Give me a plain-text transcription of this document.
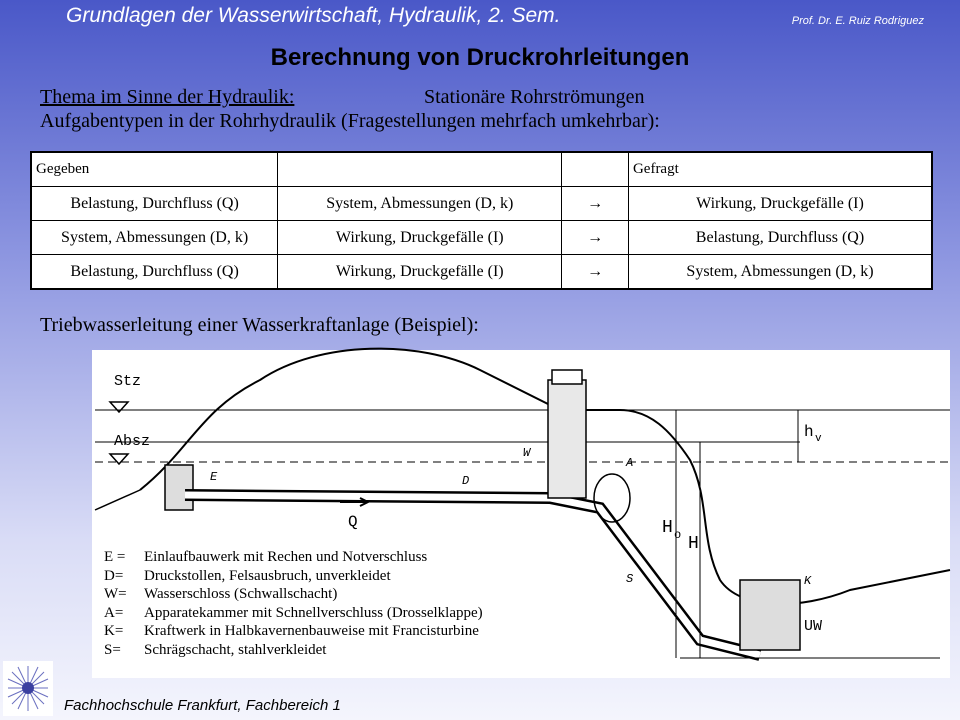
Grundlagen der Wasserwirtschaft, Hydraulik, 2. Sem.	Prof. Dr. E. Ruiz Rodriguez
Berechnung von Druckrohrleitungen
Thema im Sinne der Hydraulik:	Stationäre Rohrströmungen
Aufgabentypen in der Rohrhydraulik (Fragestellungen mehrfach umkehrbar):
Gegeben			Gefragt
Belastung, Durchfluss (Q)	System, Abmessungen (D, k)	→	Wirkung, Druckgefälle (I)
System, Abmessungen (D, k)	Wirkung, Druckgefälle (I)	→	Belastung, Durchfluss (Q)
Belastung, Durchfluss (Q)	Wirkung, Druckgefälle (I)	→	System, Abmessungen (D, k)
Triebwasserleitung einer Wasserkraftanlage (Beispiel):
Stz
Absz
h v
E	D
W
A
Q	H o H
S	K
UW
E =	Einlaufbauwerk mit Rechen und Notverschluss
D=	Druckstollen, Felsausbruch, unverkleidet
W=	Wasserschloss (Schwallschacht)
A=	Apparatekammer mit Schnellverschluss (Drosselklappe)
K=	Kraftwerk in Halbkavernenbauweise mit Francisturbine
S=	Schrägschacht, stahlverkleidet
Fachhochschule Frankfurt, Fachbereich 1
